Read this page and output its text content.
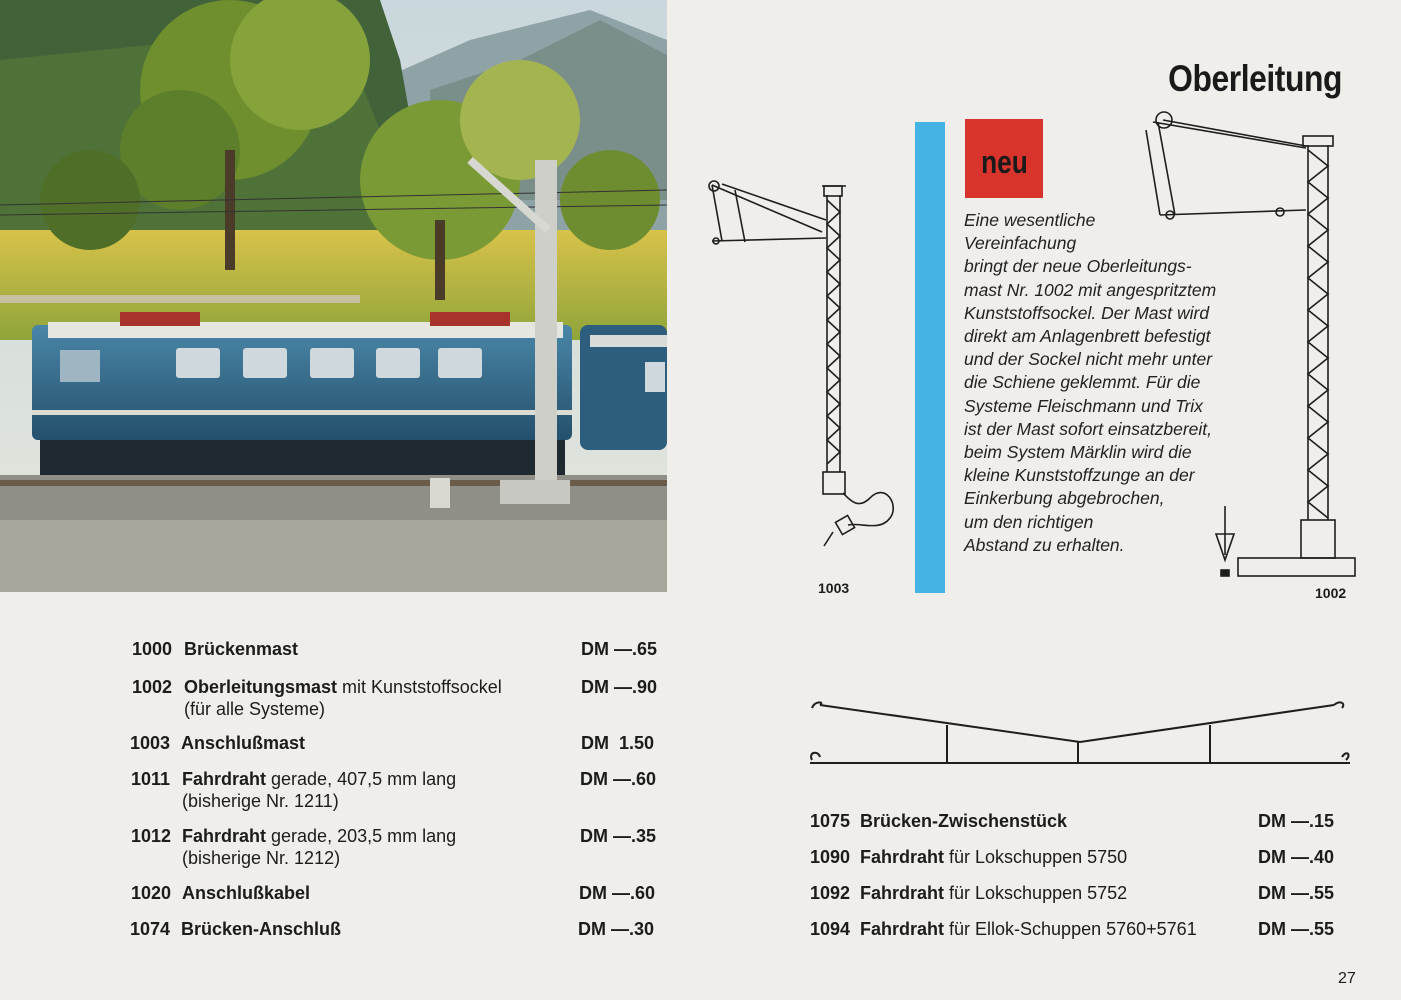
Oberleitung
neu
Eine wesentliche
Vereinfachung
bringt der neue Oberleitungs-
mast Nr. 1002 mit angespritztem
Kunststoffsockel. Der Mast wird
direkt am Anlagenbrett befestigt
und der Sockel nicht mehr unter
die Schiene geklemmt. Für die
Systeme Fleischmann und Trix
ist der Mast sofort einsatzbereit,
beim System Märklin wird die
kleine Kunststoffzunge an der
Einkerbung abgebrochen,
um den richtigen
Abstand zu erhalten.
1003	1002
1000 Brückenmast	DM —.65
1002 Oberleitungsmast mit Kunststoffsockel
(für alle Systeme)
DM —.90
1003 Anschlußmast	DM  1.50
1011 Fahrdraht gerade, 407,5 mm lang
(bisherige Nr. 1211)
DM —.60
1012 Fahrdraht gerade, 203,5 mm lang
(bisherige Nr. 1212)
DM —.35
1020 Anschlußkabel	DM —.60
1074 Brücken-Anschluß	DM —.30
1075 Brücken-Zwischenstück	DM —.15
1090 Fahrdraht für Lokschuppen 5750	DM —.40
1092 Fahrdraht für Lokschuppen 5752	DM —.55
1094 Fahrdraht für Ellok-Schuppen 5760+5761	DM —.55
27
